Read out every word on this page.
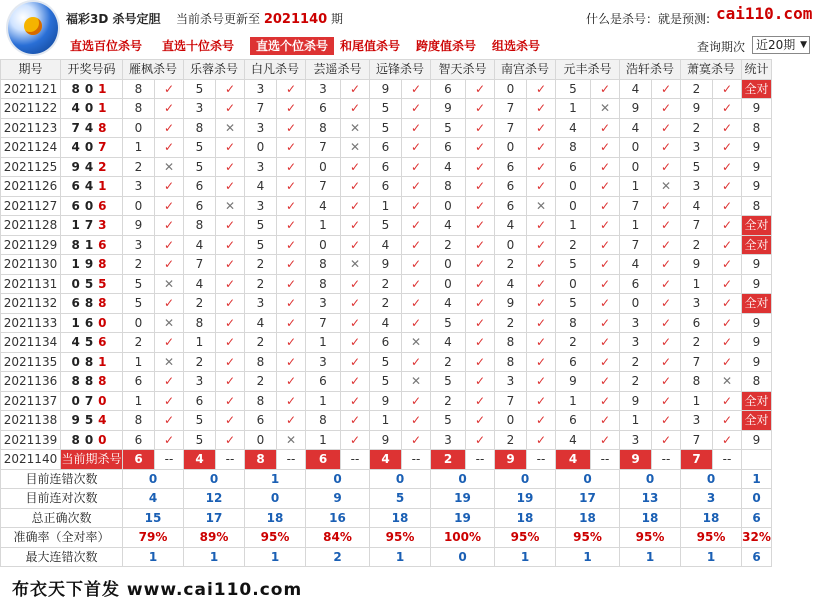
福彩3D 杀号定胆 当前杀号更新至 2021140 期	什么是杀号：就是预测: cai110.com
直选百位杀号 直选十位杀号	直选个位杀号 和尾值杀号 跨度值杀号 组选杀号	查询期次 近20期 ▼
期号	开奖号码	雁枫杀号		乐蓉杀号		白凡杀号		芸遥杀号		远锋杀号		智天杀号		南宫杀号		元丰杀号		浩轩杀号		萧寞杀号		统计
2021121	801	8	✓	5	✓	3	✓	3	✓	9	✓	6	✓	0	✓	5	✓	4	✓	2	✓	全对
2021122	401	8	✓	3	✓	7	✓	6	✓	5	✓	9	✓	7	✓	1	✕	9	✓	9	✓	9
2021123	748	0	✓	8	✕	3	✓	8	✕	5	✓	5	✓	7	✓	4	✓	4	✓	2	✓	8
2021124	407	1	✓	5	✓	0	✓	7	✕	6	✓	6	✓	0	✓	8	✓	0	✓	3	✓	9
2021125	942	2	✕	5	✓	3	✓	0	✓	6	✓	4	✓	6	✓	6	✓	0	✓	5	✓	9
2021126	641	3	✓	6	✓	4	✓	7	✓	6	✓	8	✓	6	✓	0	✓	1	✕	3	✓	9
2021127	606	0	✓	6	✕	3	✓	4	✓	1	✓	0	✓	6	✕	0	✓	7	✓	4	✓	8
2021128	173	9	✓	8	✓	5	✓	1	✓	5	✓	4	✓	4	✓	1	✓	1	✓	7	✓	全对
2021129	816	3	✓	4	✓	5	✓	0	✓	4	✓	2	✓	0	✓	2	✓	7	✓	2	✓	全对
2021130	198	2	✓	7	✓	2	✓	8	✕	9	✓	0	✓	2	✓	5	✓	4	✓	9	✓	9
2021131	055	5	✕	4	✓	2	✓	8	✓	2	✓	0	✓	4	✓	0	✓	6	✓	1	✓	9
2021132	688	5	✓	2	✓	3	✓	3	✓	2	✓	4	✓	9	✓	5	✓	0	✓	3	✓	全对
2021133	160	0	✕	8	✓	4	✓	7	✓	4	✓	5	✓	2	✓	8	✓	3	✓	6	✓	9
2021134	456	2	✓	1	✓	2	✓	1	✓	6	✕	4	✓	8	✓	2	✓	3	✓	2	✓	9
2021135	081	1	✕	2	✓	8	✓	3	✓	5	✓	2	✓	8	✓	6	✓	2	✓	7	✓	9
2021136	888	6	✓	3	✓	2	✓	6	✓	5	✕	5	✓	3	✓	9	✓	2	✓	8	✕	8
2021137	070	1	✓	6	✓	8	✓	1	✓	9	✓	2	✓	7	✓	1	✓	9	✓	1	✓	全对
2021138	954	8	✓	5	✓	6	✓	8	✓	1	✓	5	✓	0	✓	6	✓	1	✓	3	✓	全对
2021139	800	6	✓	5	✓	0	✕	1	✓	9	✓	3	✓	2	✓	4	✓	3	✓	7	✓	9
2021140	当前期杀号	6	--	4	--	8	--	6	--	4	--	2	--	9	--	4	--	9	--	7	--	
目前连错次数		0		0		1		0		0		0		0		0		0		0		1
目前连对次数		4		12		0		9		5		19		19		17		13		3		0
总正确次数		15		17		18		16		18		19		18		18		18		18		6
准确率（全对率）		79%		89%		95%		84%		95%		100%		95%		95%		95%		95%		32%
最大连错次数		1		1		1		2		1		0		1		1		1		1		6
布衣天下首发 www.cai110.com
